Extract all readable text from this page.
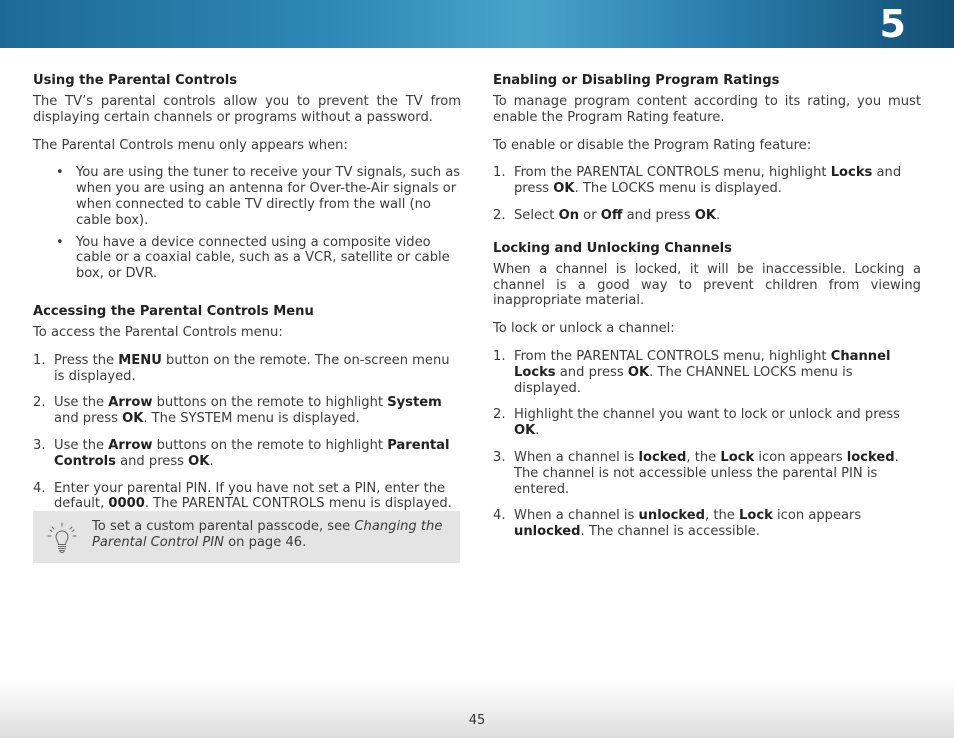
5
Using the Parental Controls

The TV’s parental controls allow you to prevent the TV from displaying certain channels or programs without a password.

The Parental Controls menu only appears when:

• You are using the tuner to receive your TV signals, such as when you are using an antenna for Over-the-Air signals or when connected to cable TV directly from the wall (no cable box).
• You have a device connected using a composite video cable or a coaxial cable, such as a VCR, satellite or cable box, or DVR.
Accessing the Parental Controls Menu

To access the Parental Controls menu:

1. Press the MENU button on the remote. The on-screen menu is displayed.
2. Use the Arrow buttons on the remote to highlight System and press OK. The SYSTEM menu is displayed.
3. Use the Arrow buttons on the remote to highlight Parental Controls and press OK.
4. Enter your parental PIN. If you have not set a PIN, enter the default, 0000. The PARENTAL CONTROLS menu is displayed.
To set a custom parental passcode, see Changing the Parental Control PIN on page 46.
Enabling or Disabling Program Ratings

To manage program content according to its rating, you must enable the Program Rating feature.

To enable or disable the Program Rating feature:

1. From the PARENTAL CONTROLS menu, highlight Locks and press OK. The LOCKS menu is displayed.
2. Select On or Off and press OK.
Locking and Unlocking Channels

When a channel is locked, it will be inaccessible. Locking a channel is a good way to prevent children from viewing inappropriate material.

To lock or unlock a channel:

1. From the PARENTAL CONTROLS menu, highlight Channel Locks and press OK. The CHANNEL LOCKS menu is displayed.
2. Highlight the channel you want to lock or unlock and press OK.
3. When a channel is locked, the Lock icon appears locked. The channel is not accessible unless the parental PIN is entered.
4. When a channel is unlocked, the Lock icon appears unlocked. The channel is accessible.
45
